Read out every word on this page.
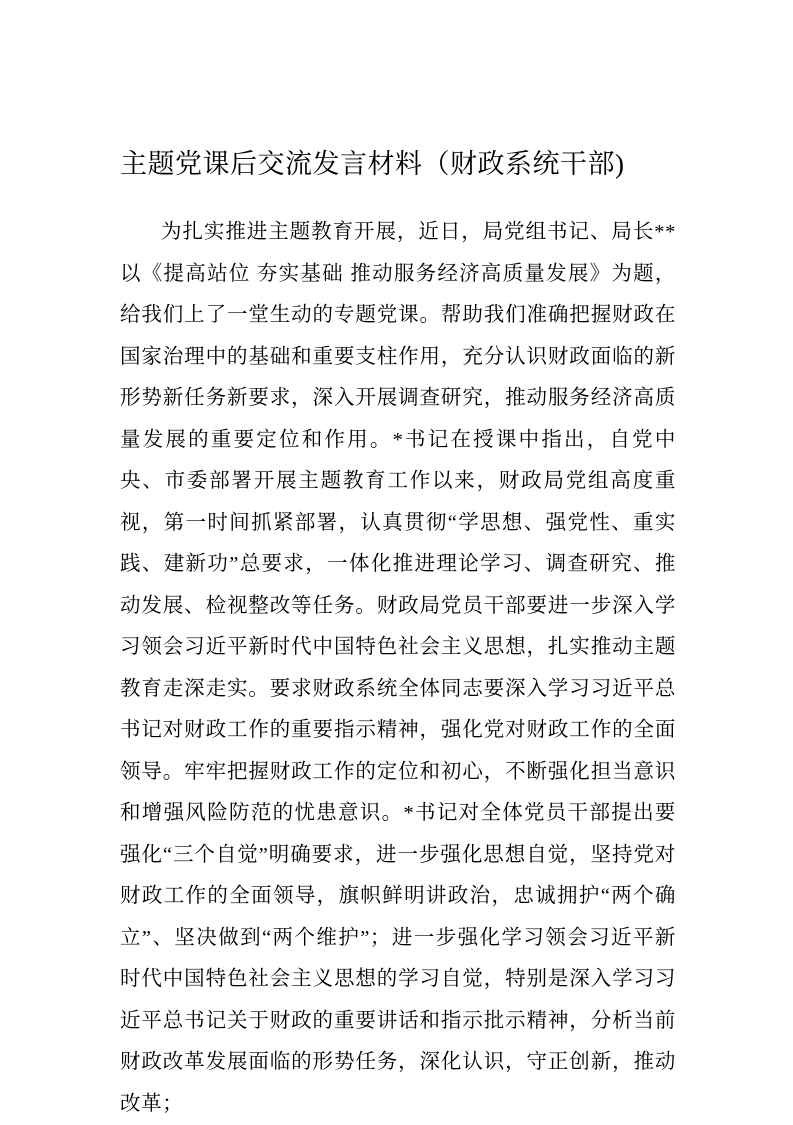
主题党课后交流发言材料（财政系统干部)

为扎实推进主题教育开展，近日，局党组书记、局长**以《提高站位 夯实基础 推动服务经济高质量发展》为题，给我们上了一堂生动的专题党课。帮助我们准确把握财政在国家治理中的基础和重要支柱作用，充分认识财政面临的新形势新任务新要求，深入开展调查研究，推动服务经济高质量发展的重要定位和作用。*书记在授课中指出，自党中央、市委部署开展主题教育工作以来，财政局党组高度重视，第一时间抓紧部署，认真贯彻“学思想、强党性、重实践、建新功”总要求，一体化推进理论学习、调查研究、推动发展、检视整改等任务。财政局党员干部要进一步深入学习领会习近平新时代中国特色社会主义思想，扎实推动主题教育走深走实。要求财政系统全体同志要深入学习习近平总书记对财政工作的重要指示精神，强化党对财政工作的全面领导。牢牢把握财政工作的定位和初心，不断强化担当意识和增强风险防范的忧患意识。*书记对全体党员干部提出要强化“三个自觉”明确要求，进一步强化思想自觉，坚持党对财政工作的全面领导，旗帜鲜明讲政治，忠诚拥护“两个确立”、坚决做到“两个维护”；进一步强化学习领会习近平新时代中国特色社会主义思想的学习自觉，特别是深入学习习近平总书记关于财政的重要讲话和指示批示精神，分析当前财政改革发展面临的形势任务，深化认识，守正创新，推动改革；
